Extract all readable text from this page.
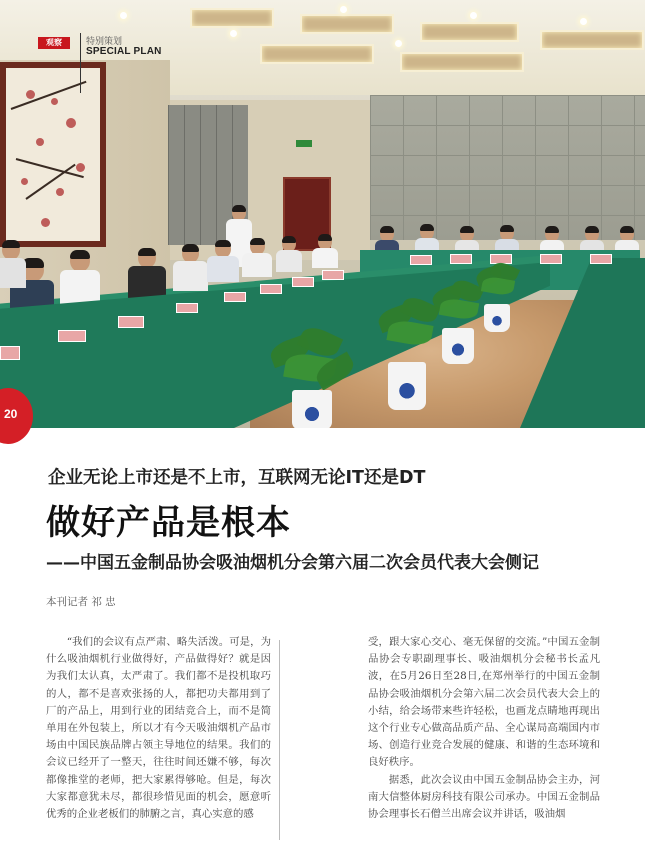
观察	特别策划
SPECIAL PLAN
20
企业无论上市还是不上市，互联网无论IT还是DT
做好产品是根本
——中国五金制品协会吸油烟机分会第六届二次会员代表大会侧记
本刊记者 祁 忠

“我们的会议有点严肃、略失活泼。可是，为什么吸油烟机行业做得好，产品做得好？就是因为我们太认真，太严肃了。我们都不是投机取巧的人，都不是喜欢张扬的人，都把功夫都用到了厂的产品上，用到行业的团结竞合上，而不是简单用在外包装上，所以才有今天吸油烟机产品市场由中国民族品牌占领主导地位的结果。我们的会议已经开了一整天，往往时间还嫌不够，每次都像推堂的老师，把大家累得够呛。但是，每次大家都意犹未尽，都很珍惜见面的机会，愿意听优秀的企业老板们的肺腑之言，真心实意的感

受，跟大家心交心、毫无保留的交流。”中国五金制品协会专职副理事长、吸油烟机分会秘书长孟凡波，在5月26日至28日,在郑州举行的中国五金制品协会吸油烟机分会第六届二次会员代表大会上的小结，给会场带来些许轻松，也画龙点睛地再现出这个行业专心做高品质产品、全心谋局高端国内市场、创造行业竞合发展的健康、和谐的生态环境和良好秩序。

据悉，此次会议由中国五金制品协会主办，河南大信整体厨房科技有限公司承办。中国五金制品协会理事长石僧兰出席会议并讲话，吸油烟
